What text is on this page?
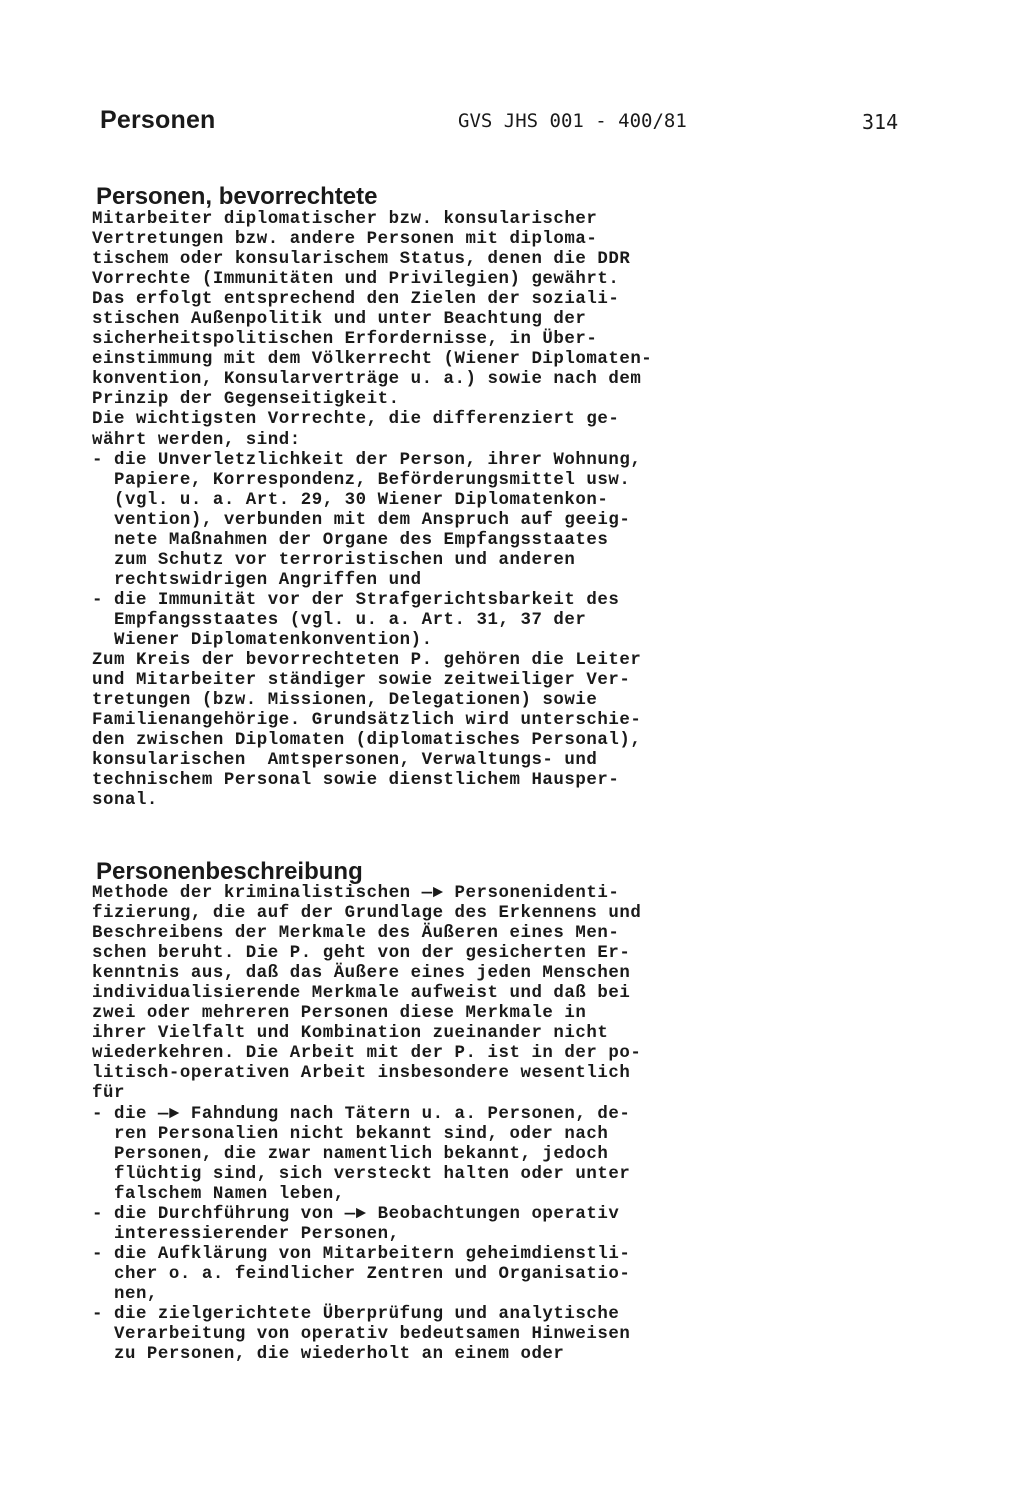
Personen	GVS JHS 001 - 400/81	314
Personen, bevorrechtete
Mitarbeiter diplomatischer bzw. konsularischer
Vertretungen bzw. andere Personen mit diploma-
tischem oder konsularischem Status, denen die DDR
Vorrechte (Immunitäten und Privilegien) gewährt.
Das erfolgt entsprechend den Zielen der soziali-
stischen Außenpolitik und unter Beachtung der
sicherheitspolitischen Erfordernisse, in Über-
einstimmung mit dem Völkerrecht (Wiener Diplomaten-
konvention, Konsularverträge u. a.) sowie nach dem
Prinzip der Gegenseitigkeit.
Die wichtigsten Vorrechte, die differenziert ge-
währt werden, sind:
- die Unverletzlichkeit der Person, ihrer Wohnung,
Papiere, Korrespondenz, Beförderungsmittel usw.
(vgl. u. a. Art. 29, 30 Wiener Diplomatenkon-
vention), verbunden mit dem Anspruch auf geeig-
nete Maßnahmen der Organe des Empfangsstaates
zum Schutz vor terroristischen und anderen
rechtswidrigen Angriffen und
- die Immunität vor der Strafgerichtsbarkeit des
Empfangsstaates (vgl. u. a. Art. 31, 37 der
Wiener Diplomatenkonvention).
Zum Kreis der bevorrechteten P. gehören die Leiter
und Mitarbeiter ständiger sowie zeitweiliger Ver-
tretungen (bzw. Missionen, Delegationen) sowie
Familienangehörige. Grundsätzlich wird unterschie-
den zwischen Diplomaten (diplomatisches Personal),
konsularischen  Amtspersonen, Verwaltungs- und
technischem Personal sowie dienstlichem Hausper-
sonal.
Personenbeschreibung
Methode der kriminalistischen —► Personenidenti-
fizierung, die auf der Grundlage des Erkennens und
Beschreibens der Merkmale des Äußeren eines Men-
schen beruht. Die P. geht von der gesicherten Er-
kenntnis aus, daß das Äußere eines jeden Menschen
individualisierende Merkmale aufweist und daß bei
zwei oder mehreren Personen diese Merkmale in
ihrer Vielfalt und Kombination zueinander nicht
wiederkehren. Die Arbeit mit der P. ist in der po-
litisch-operativen Arbeit insbesondere wesentlich
für
- die —► Fahndung nach Tätern u. a. Personen, de-
ren Personalien nicht bekannt sind, oder nach
Personen, die zwar namentlich bekannt, jedoch
flüchtig sind, sich versteckt halten oder unter
falschem Namen leben,
- die Durchführung von —► Beobachtungen operativ
interessierender Personen,
- die Aufklärung von Mitarbeitern geheimdienstli-
cher o. a. feindlicher Zentren und Organisatio-
nen,
- die zielgerichtete Überprüfung und analytische
Verarbeitung von operativ bedeutsamen Hinweisen
zu Personen, die wiederholt an einem oder
